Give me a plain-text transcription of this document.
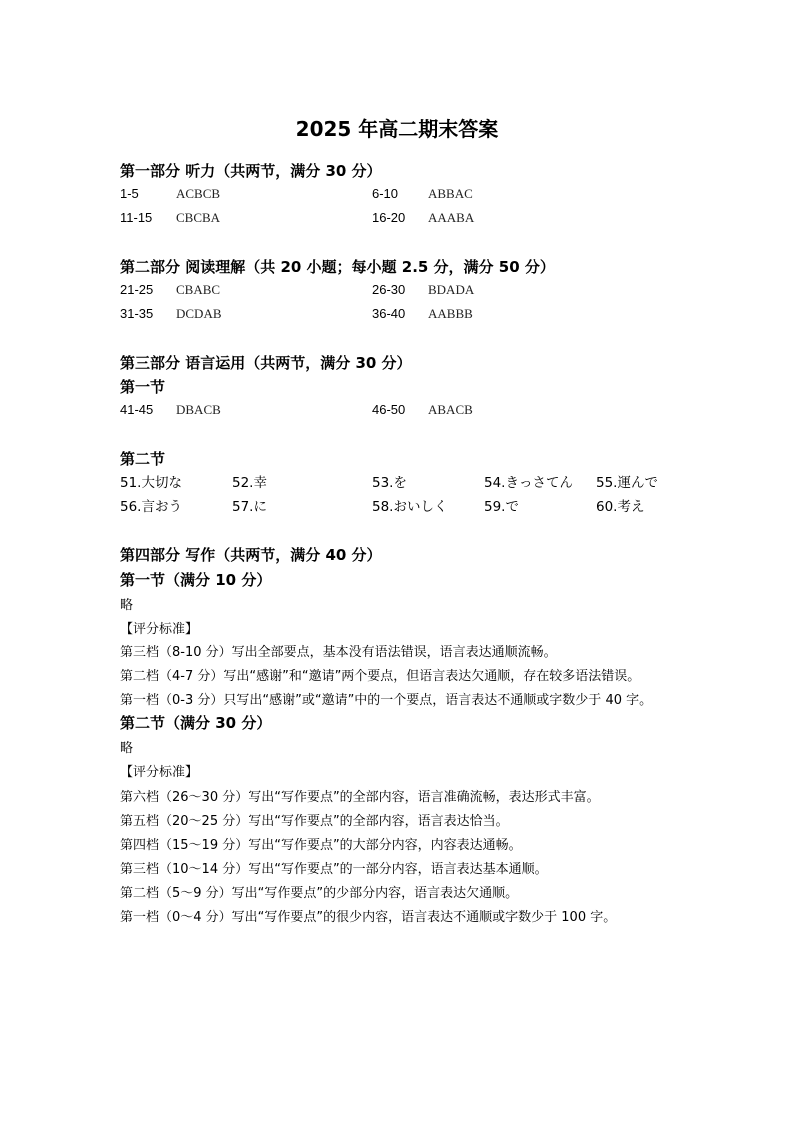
2025 年高二期末答案
第一部分 听力（共两节，满分 30 分）
1-5	ACBCB	6-10 ABBAC
11-15 CBCBA	16-20 AAABA
第二部分 阅读理解（共 20 小题；每小题 2.5 分，满分 50 分）
21-25 CBABC	26-30 BDADA
31-35 DCDAB	36-40 AABBB
第三部分 语言运用（共两节，满分 30 分）
第一节
41-45 DBACB	46-50 ABACB
第二节
51.大切な	52.幸	53.を	54.きっさてん 55.運んで
56.言おう	57.に	58.おいしく	59.で	60.考え
第四部分 写作（共两节，满分 40 分）
第一节（满分 10 分）
略
【评分标准】
第三档（8-10 分）写出全部要点，基本没有语法错误，语言表达通顺流畅。
第二档（4-7 分）写出“感谢”和“邀请”两个要点，但语言表达欠通顺，存在较多语法错误。
第一档（0-3 分）只写出“感谢”或“邀请”中的一个要点，语言表达不通顺或字数少于 40 字。
第二节（满分 30 分）
略
【评分标准】
第六档（26～30 分）写出“写作要点”的全部内容，语言准确流畅，表达形式丰富。
第五档（20～25 分）写出“写作要点”的全部内容，语言表达恰当。
第四档（15～19 分）写出“写作要点”的大部分内容，内容表达通畅。
第三档（10～14 分）写出“写作要点”的一部分内容，语言表达基本通顺。
第二档（5～9 分）写出“写作要点”的少部分内容，语言表达欠通顺。
第一档（0～4 分）写出“写作要点”的很少内容，语言表达不通顺或字数少于 100 字。
